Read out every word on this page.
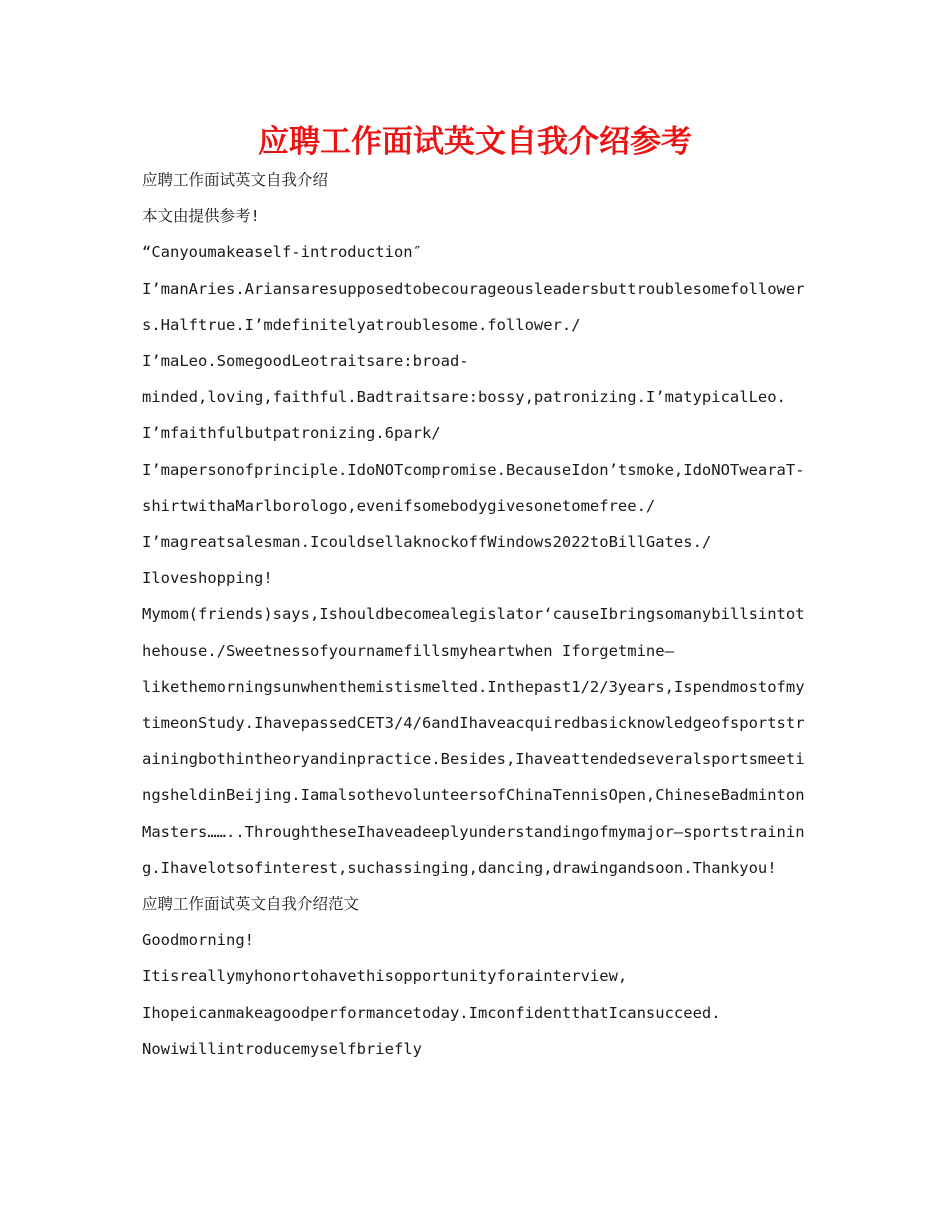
应聘工作面试英文自我介绍参考

应聘工作面试英文自我介绍

本文由提供参考!

“Canyoumakeaself-introduction″

I’manAries.Ariansaresupposedtobecourageousleadersbuttroublesomefollowers.Halftrue.I’mdefinitelyatroublesome.follower./

I’maLeo.SomegoodLeotraitsare:broad-

minded,loving,faithful.Badtraitsare:bossy,patronizing.I’matypicalLeo.I’mfaithfulbutpatronizing.6park/

I’mapersonofprinciple.IdoNOTcompromise.BecauseIdon’tsmoke,IdoNOTwearaT-shirtwithaMarlborologo,evenifsomebodygivesonetomefree./

I’magreatsalesman.IcouldsellaknockoffWindows2022toBillGates./

Iloveshopping!

Mymom(friends)says,Ishouldbecomealegislator‘causeIbringsomanybillsintothehouse./Sweetnessofyournamefillsmyheartwhen Iforgetmine—

likethemorningsunwhenthemistismelted.Inthepast1/2/3years,IspendmostofmytimeonStudy.IhavepassedCET3/4/6andIhaveacquiredbasicknowledgeofsportstrainingbothintheoryandinpractice.Besides,IhaveattendedseveralsportsmeetingsheldinBeijing.IamalsothevolunteersofChinaTennisOpen,ChineseBadmintonMasters……..ThroughtheseIhaveadeeplyunderstandingofmymajor—sportstraining.Ihavelotsofinterest,suchassinging,dancing,drawingandsoon.Thankyou!

应聘工作面试英文自我介绍范文

Goodmorning!

Itisreallymyhonortohavethisopportunityforainterview,

Ihopeicanmakeagoodperformancetoday.ImconfidentthatIcansucceed.

Nowiwillintroducemyselfbriefly
